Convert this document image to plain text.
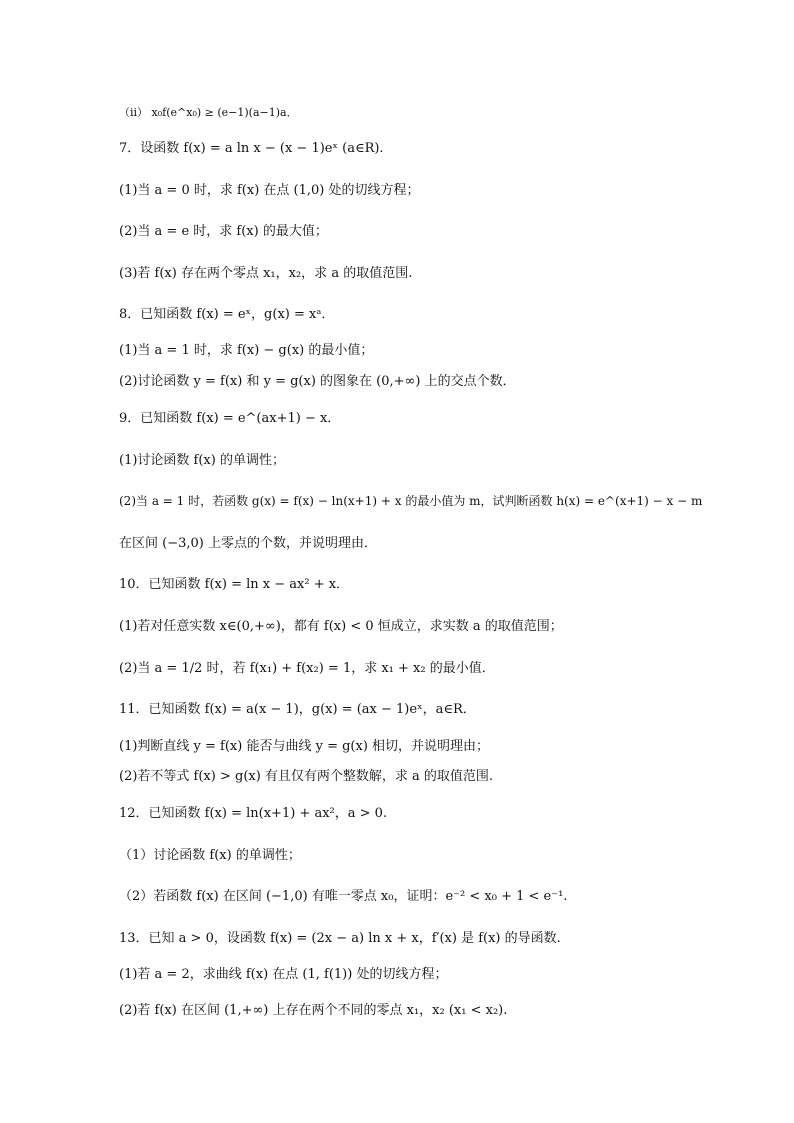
（ⅱ） x₀f(e^x₀) ≥ (e−1)(a−1)a．
7．设函数 f(x) = a ln x − (x − 1)eˣ (a∈R).
(1)当 a = 0 时，求 f(x) 在点 (1,0) 处的切线方程；
(2)当 a = e 时，求 f(x) 的最大值；
(3)若 f(x) 存在两个零点 x₁，x₂，求 a 的取值范围.
8．已知函数 f(x) = eˣ，g(x) = xᵃ．
(1)当 a = 1 时，求 f(x) − g(x) 的最小值；
(2)讨论函数 y = f(x) 和 y = g(x) 的图象在 (0,+∞) 上的交点个数．
9．已知函数 f(x) = e^(ax+1) − x．
(1)讨论函数 f(x) 的单调性；
(2)当 a = 1 时，若函数 g(x) = f(x) − ln(x+1) + x 的最小值为 m，试判断函数 h(x) = e^(x+1) − x − m
在区间 (−3,0) 上零点的个数，并说明理由．
10．已知函数 f(x) = ln x − ax² + x．
(1)若对任意实数 x∈(0,+∞)，都有 f(x) < 0 恒成立，求实数 a 的取值范围；
(2)当 a = 1/2 时，若 f(x₁) + f(x₂) = 1，求 x₁ + x₂ 的最小值．
11．已知函数 f(x) = a(x − 1)，g(x) = (ax − 1)eˣ，a∈R．
(1)判断直线 y = f(x) 能否与曲线 y = g(x) 相切，并说明理由；
(2)若不等式 f(x) > g(x) 有且仅有两个整数解，求 a 的取值范围.
12．已知函数 f(x) = ln(x+1) + ax²，a > 0.
（1）讨论函数 f(x) 的单调性；
（2）若函数 f(x) 在区间 (−1,0) 有唯一零点 x₀，证明：e⁻² < x₀ + 1 < e⁻¹.
13．已知 a > 0，设函数 f(x) = (2x − a) ln x + x，f′(x) 是 f(x) 的导函数.
(1)若 a = 2，求曲线 f(x) 在点 (1, f(1)) 处的切线方程；
(2)若 f(x) 在区间 (1,+∞) 上存在两个不同的零点 x₁，x₂ (x₁ < x₂).
